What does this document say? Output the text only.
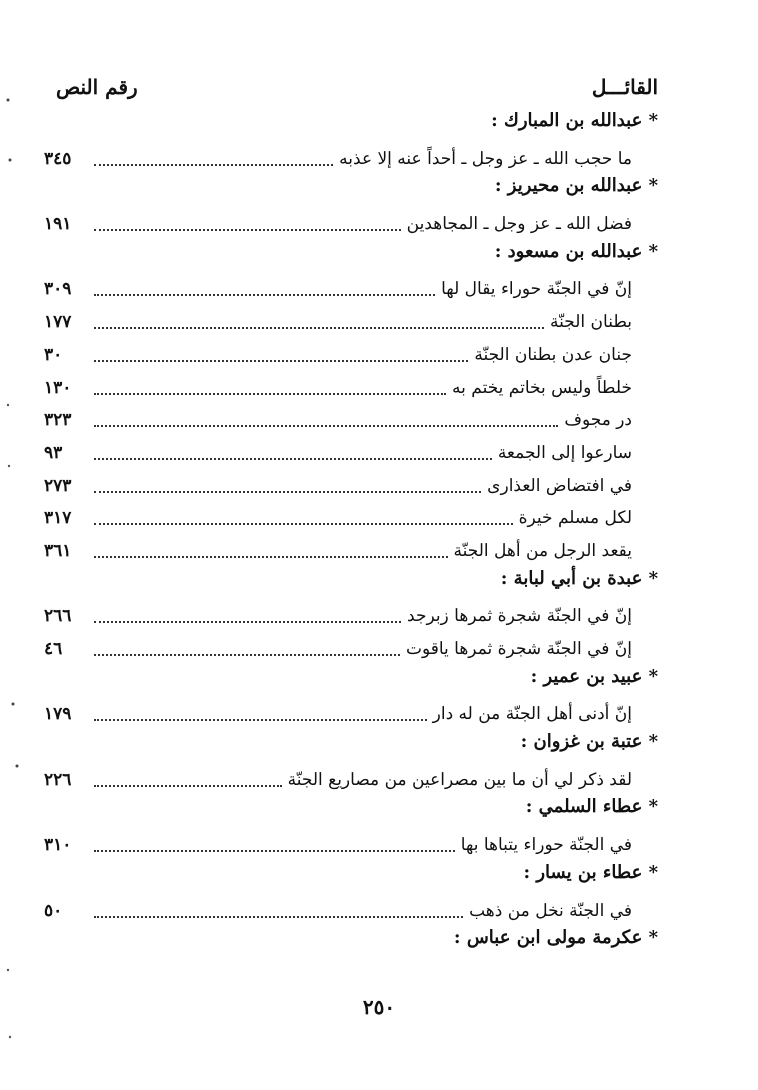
رقم النص	القائـــل
* عبدالله بن المبارك :
٣٤٥	ما حجب الله ـ عز وجل ـ أحداً عنه إلا عذبه
* عبدالله بن محيريز :
١٩١	فضل الله ـ عز وجل ـ المجاهدين
* عبدالله بن مسعود :
٣٠٩	إنّ في الجنّة حوراء يقال لها
١٧٧	بطنان الجنّة
٣٠	جنان عدن بطنان الجنّة
١٣٠	خلطاً وليس بخاتم يختم به
٣٢٣	در مجوف
٩٣	سارعوا إلى الجمعة
٢٧٣	في افتضاض العذارى
٣١٧	لكل مسلم خيرة
٣٦١	يقعد الرجل من أهل الجنّة
* عبدة بن أبي لبابة :
٢٦٦	إنّ في الجنّة شجرة ثمرها زبرجد
٤٦	إنّ في الجنّة شجرة ثمرها ياقوت
* عبيد بن عمير :
١٧٩	إنّ أدنى أهل الجنّة من له دار
* عتبة بن غزوان :
٢٢٦	لقد ذكر لي أن ما بين مصراعين من مصاريع الجنّة
* عطاء السلمي :
٣١٠	في الجنّة حوراء يتباها بها
* عطاء بن يسار :
٥٠	في الجنّة نخل من ذهب
* عكرمة مولى ابن عباس :
٢٥٠
